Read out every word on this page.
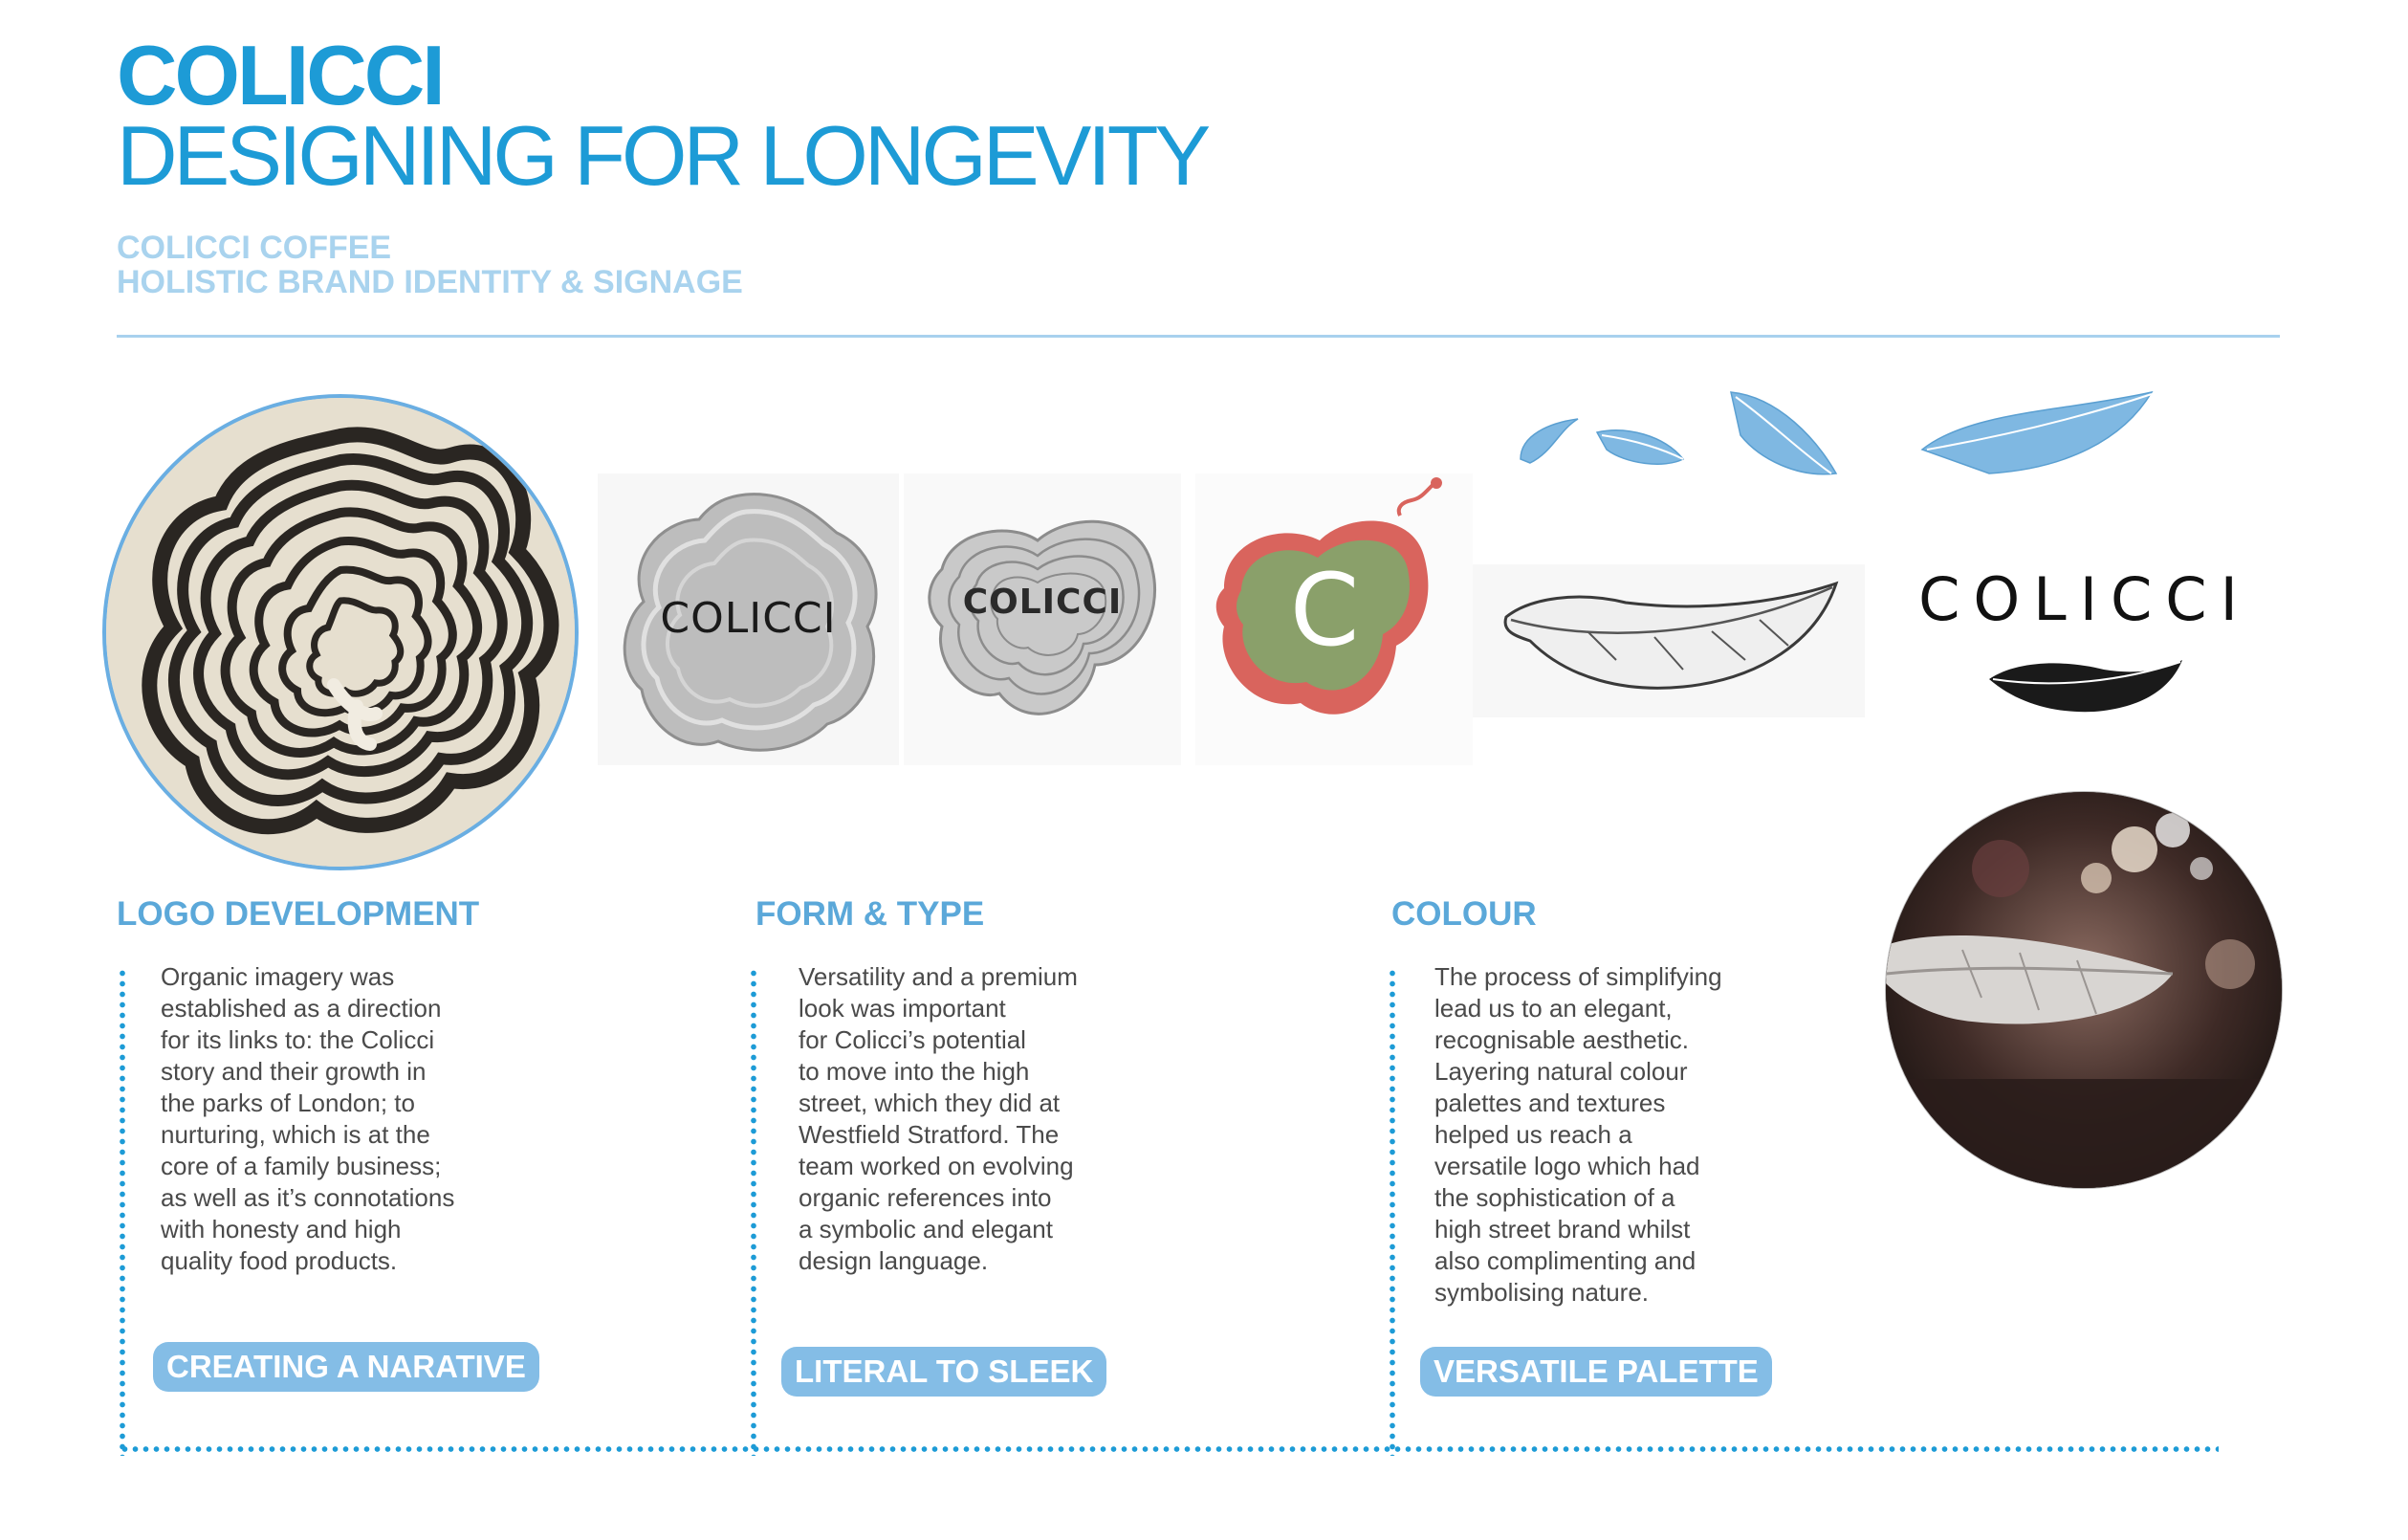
COLICCI
DESIGNING FOR LONGEVITY
COLICCI COFFEE
HOLISTIC BRAND IDENTITY & SIGNAGE
COLICCI	COLICCI	C	COLICCI
LOGO DEVELOPMENT	FORM & TYPE	COLOUR
Organic imagery was
established as a direction
for its links to: the Colicci
story and their growth in
the parks of London; to
nurturing, which is at the
core of a family business;
as well as it’s connotations
with honesty and high
quality food products.
Versatility and a premium
look was important
for Colicci’s potential
to move into the high
street, which they did at
Westfield Stratford. The
team worked on evolving
organic references into
a symbolic and elegant
design language.
The process of simplifying
lead us to an elegant,
recognisable aesthetic.
Layering natural colour
palettes and textures
helped us reach a
versatile logo which had
the sophistication of a
high street brand whilst
also complimenting and
symbolising nature.
CREATING A NARATIVE	LITERAL TO SLEEK	VERSATILE PALETTE
